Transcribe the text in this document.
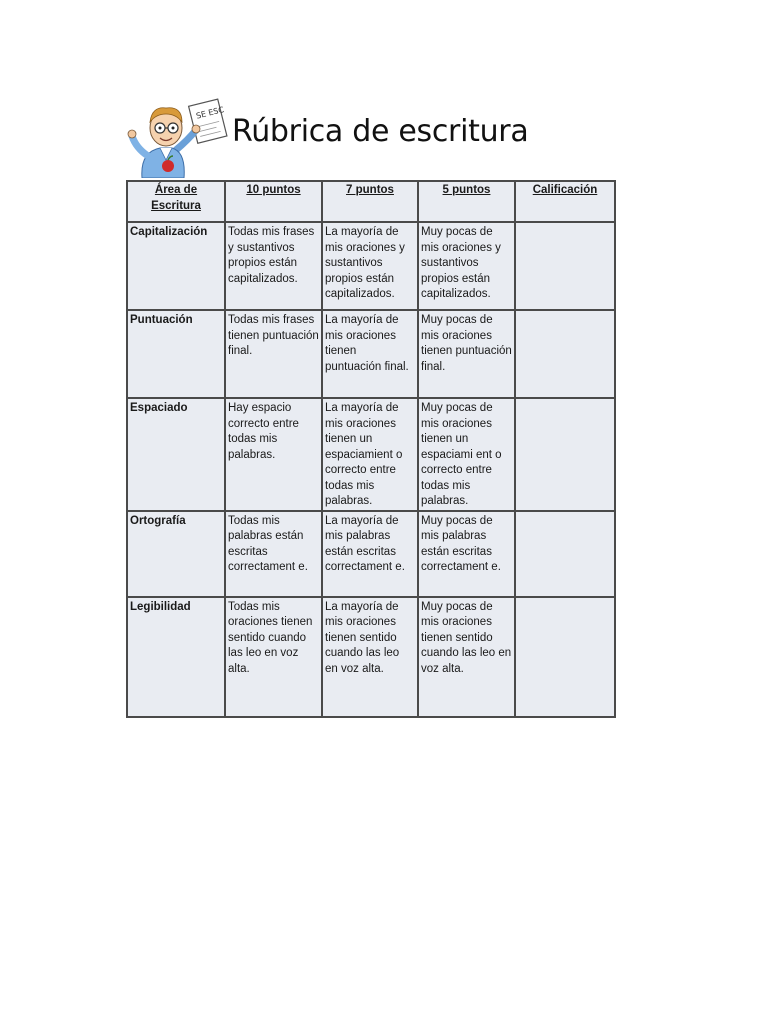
SE ESC
Rúbrica de escritura
Área de Escritura	10 puntos	7 puntos	5 puntos	Calificación
Capitalización	Todas mis frases y sustantivos propios están capitalizados.	La mayoría de mis oraciones y sustantivos propios están capitalizados.	Muy pocas de mis oraciones y sustantivos propios están capitalizados.	
Puntuación	Todas mis frases tienen puntuación final.	La mayoría de mis oraciones tienen puntuación final.	Muy pocas de mis oraciones tienen puntuación final.	
Espaciado	Hay espacio correcto entre todas mis palabras.	La mayoría de mis oraciones tienen un espaciamient o correcto entre todas mis palabras.	Muy pocas de mis oraciones tienen un espaciami ent o correcto entre todas mis palabras.	
Ortografía	Todas mis palabras están escritas correctament e.	La mayoría de mis palabras están escritas correctament e.	Muy pocas de mis palabras están escritas correctament e.	
Legibilidad	Todas mis oraciones tienen sentido cuando las leo en voz alta.	La mayoría de mis oraciones tienen sentido cuando las leo en voz alta.	Muy pocas de mis oraciones tienen sentido cuando las leo en voz alta.	
